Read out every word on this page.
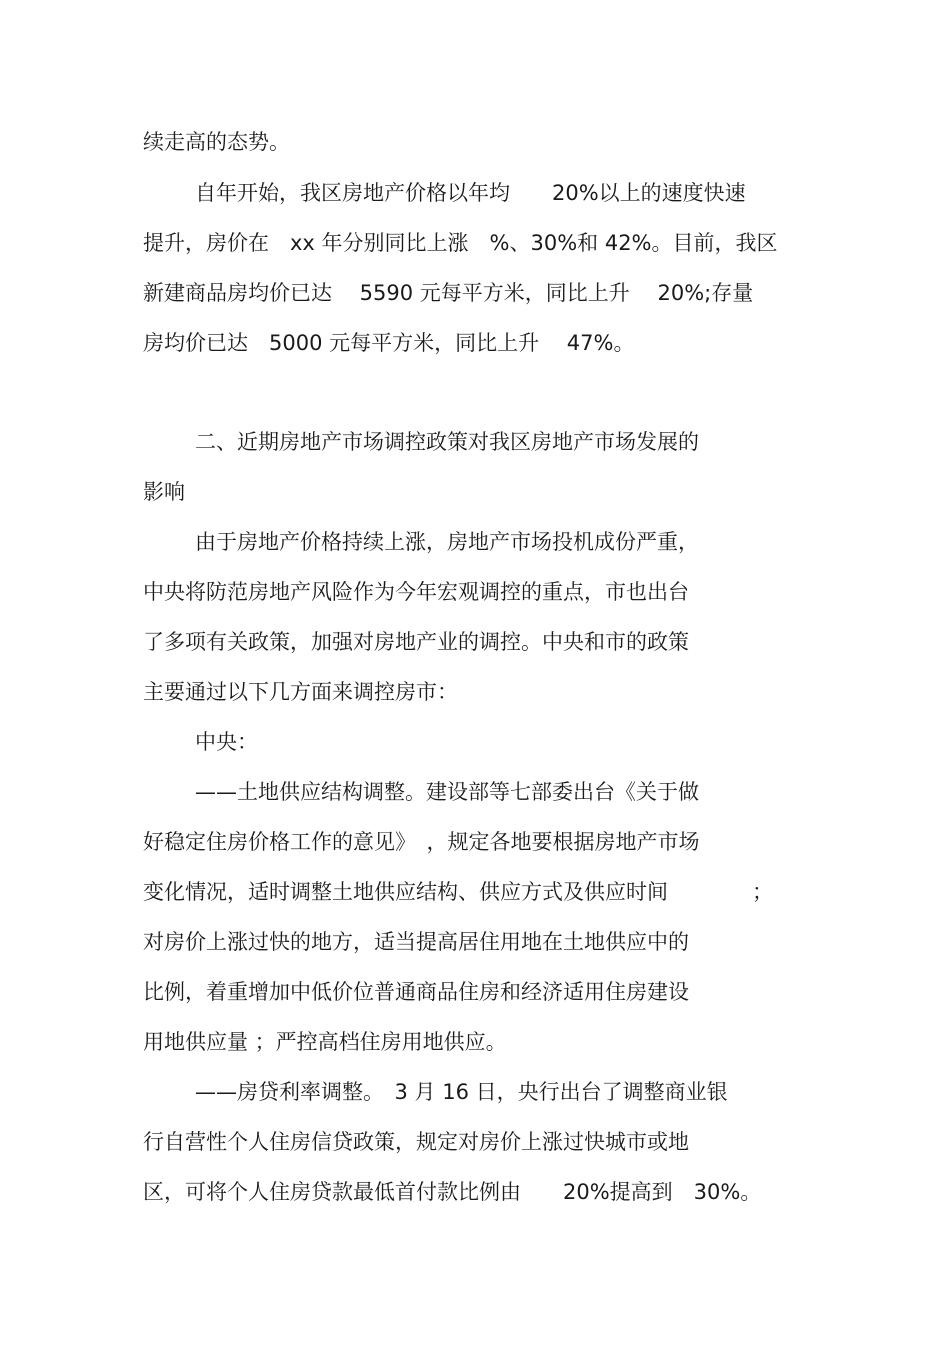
续走高的态势。
自年开始，我区房地产价格以年均　　20%以上的速度快速
提升，房价在　xx 年分别同比上涨　%、30%和 42%。目前，我区
新建商品房均价已达　 5590 元每平方米，同比上升　 20%;存量
房均价已达　5000 元每平方米，同比上升　 47%。
二、近期房地产市场调控政策对我区房地产市场发展的
影响
由于房地产价格持续上涨，房地产市场投机成份严重，
中央将防范房地产风险作为今年宏观调控的重点，市也出台
了多项有关政策，加强对房地产业的调控。中央和市的政策
主要通过以下几方面来调控房市：
中央：
——土地供应结构调整。建设部等七部委出台《关于做
好稳定住房价格工作的意见》　，规定各地要根据房地产市场
变化情况，适时调整土地供应结构、供应方式及供应时间　　　　；
对房价上涨过快的地方，适当提高居住用地在土地供应中的
比例，着重增加中低价位普通商品住房和经济适用住房建设
用地供应量 ；严控高档住房用地供应。
——房贷利率调整。　3 月 16 日，央行出台了调整商业银
行自营性个人住房信贷政策，规定对房价上涨过快城市或地
区，可将个人住房贷款最低首付款比例由　　20%提高到　30%。
